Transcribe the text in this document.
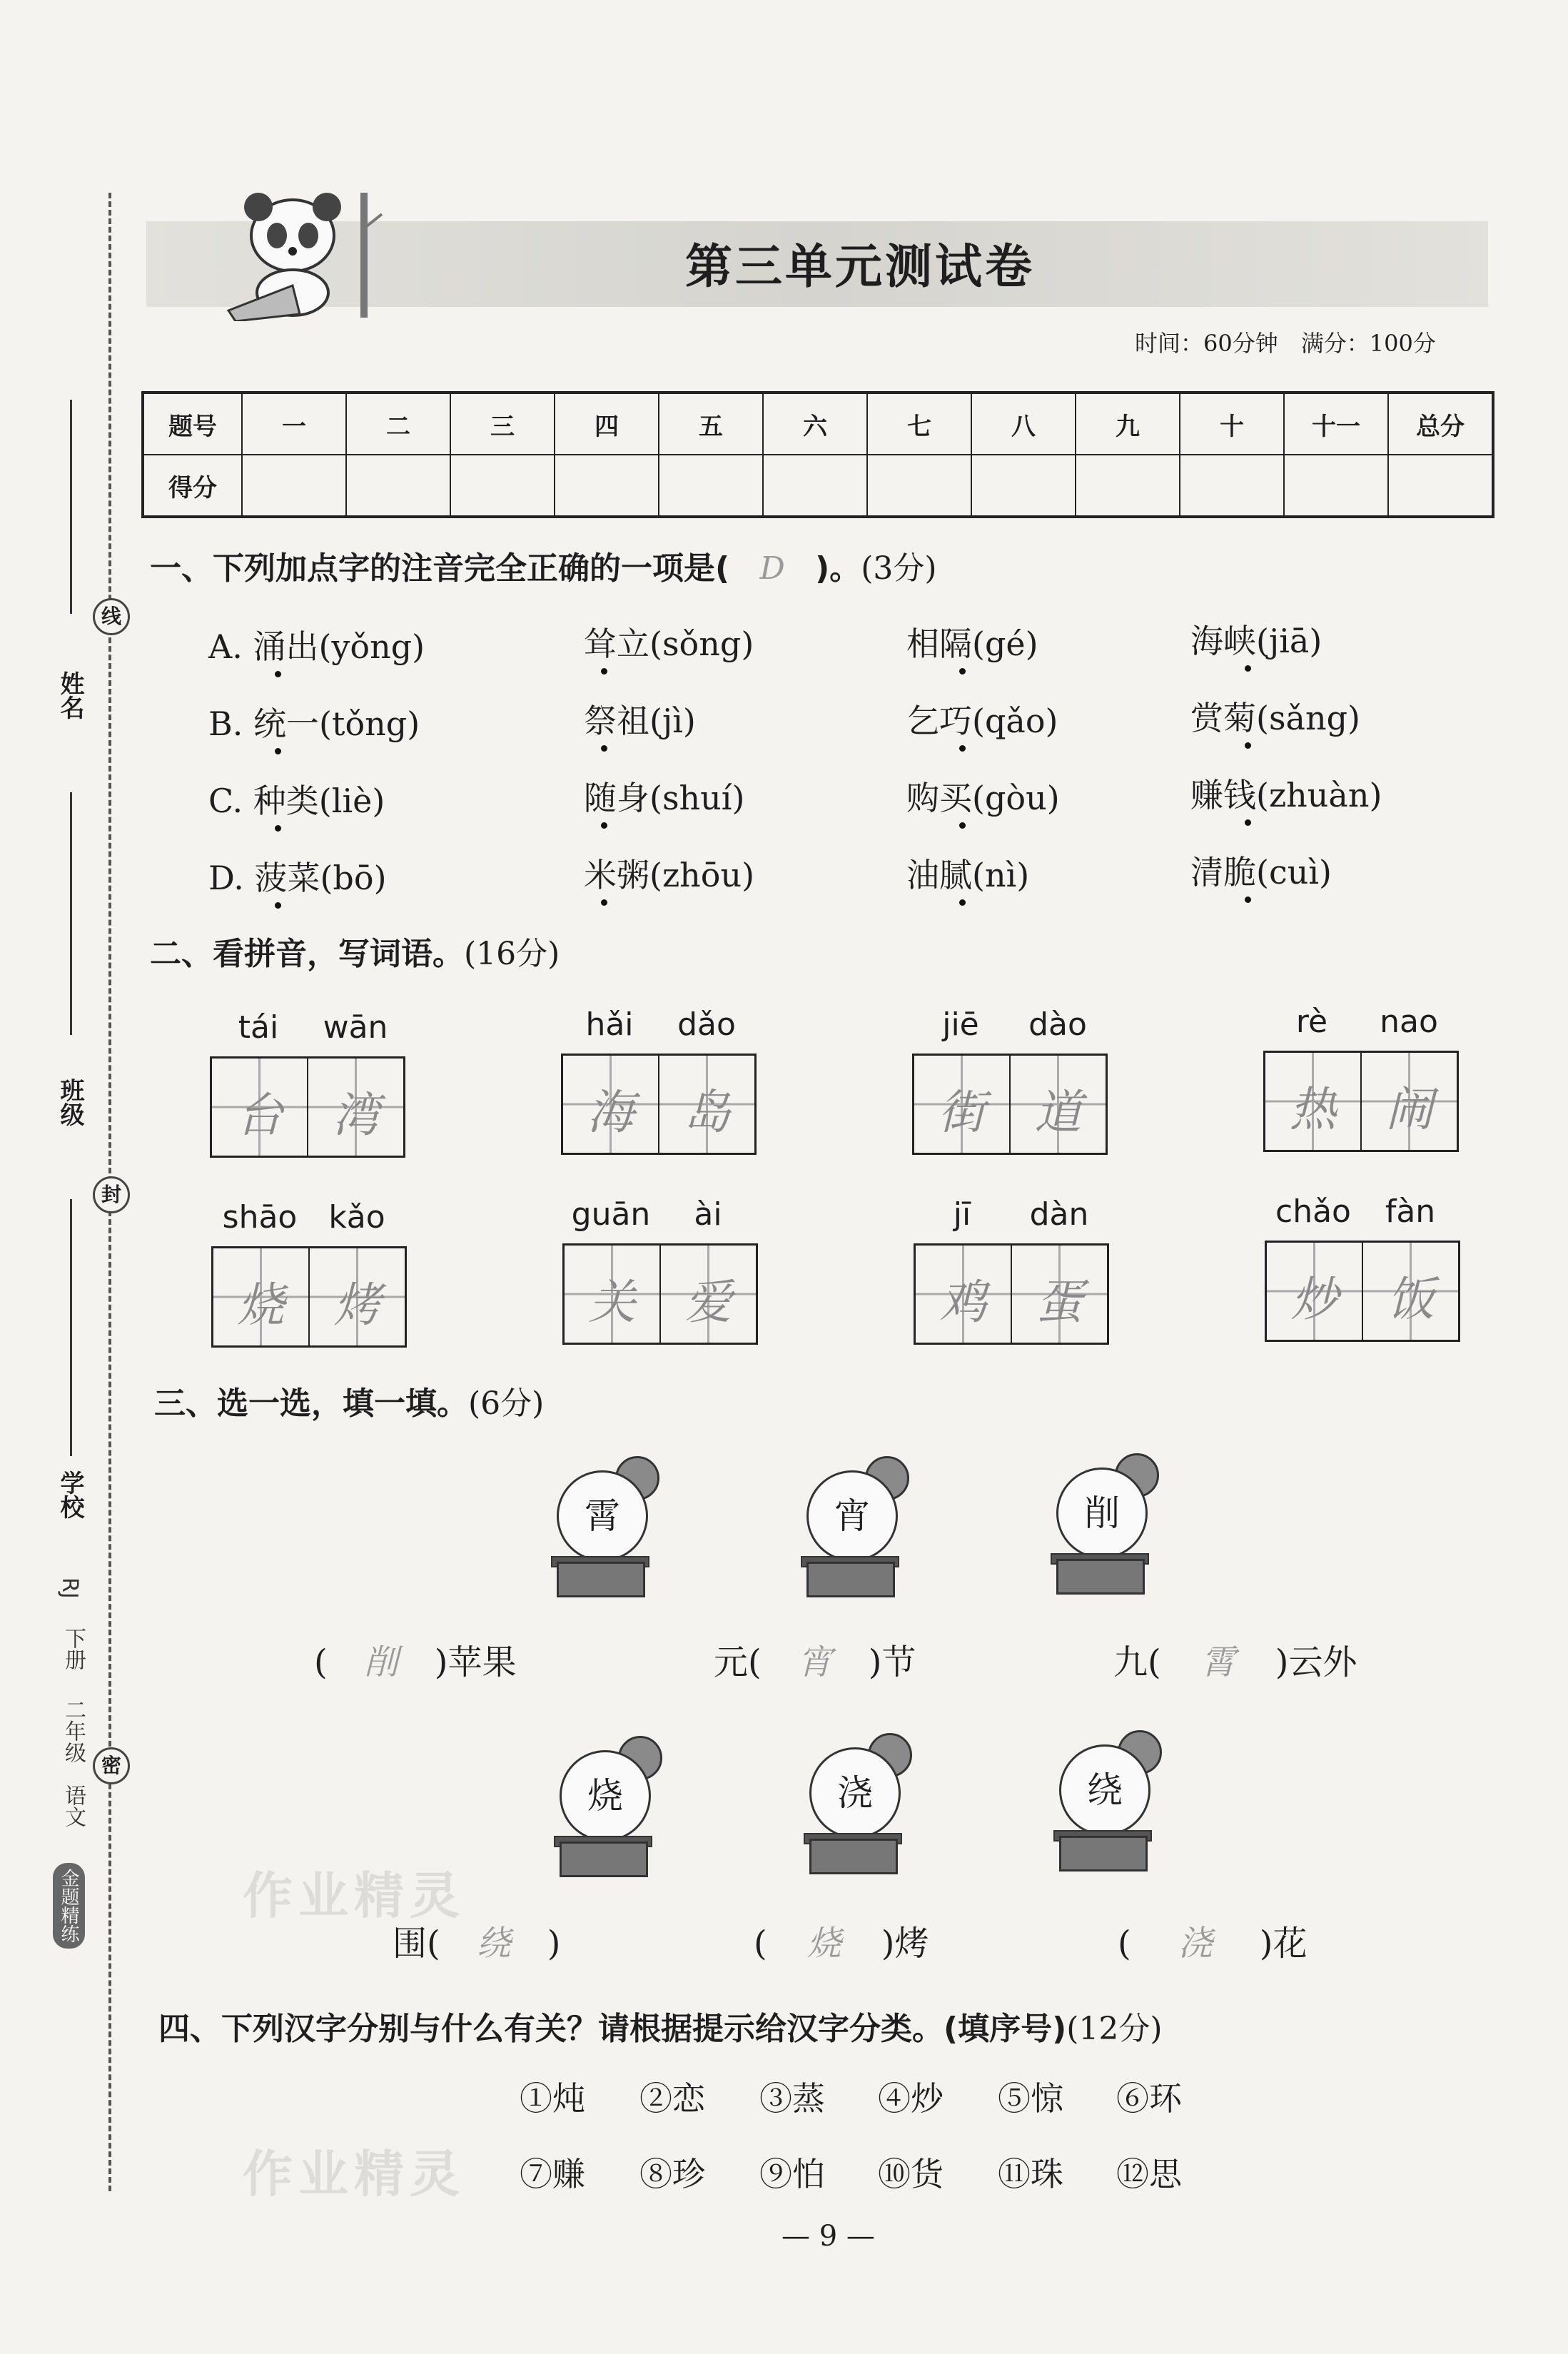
线
封
密
姓名
班级
学校
RJ
下册
二年级
语文
金题精练
第三单元测试卷
时间：60分钟　满分：100分
题号	一	二	三	四	五	六	七	八	九	十	十一	总分
得分												
一、下列加点字的注音完全正确的一项是( D )。(3分)
A. 涌出(yǒng)	耸立(sǒng)	相隔(gé)	海峡(jiā)
B. 统一(tǒng)	祭祖(jì)	乞巧(qǎo)	赏菊(sǎng)
C. 种类(liè)	随身(shuí)	购买(gòu)	赚钱(zhuàn)
D. 菠菜(bō)	米粥(zhōu)	油腻(nì)	清脆(cuì)
二、看拼音，写词语。(16分)
tái	wān
台	湾
hǎi	dǎo
海	岛
jiē	dào
街	道
rè	nao
热	闹
shāo kǎo
烧	烤
guān	ài
关	爱
jī	dàn
鸡	蛋
chǎo	fàn
炒	饭
三、选一选，填一填。(6分)
霄	宵	削
( 削 )苹果	元( 宵 )节	九( 霄 )云外
烧	浇	绕
围( 绕 )	( 烧 )烤	( 浇 )花
四、下列汉字分别与什么有关？请根据提示给汉字分类。(填序号)(12分)
①炖 ②恋 ③蒸 ④炒 ⑤惊 ⑥环
⑦赚 ⑧珍 ⑨怕 ⑩货 ⑪珠 ⑫思
作业精灵
作业精灵
— 9 —
